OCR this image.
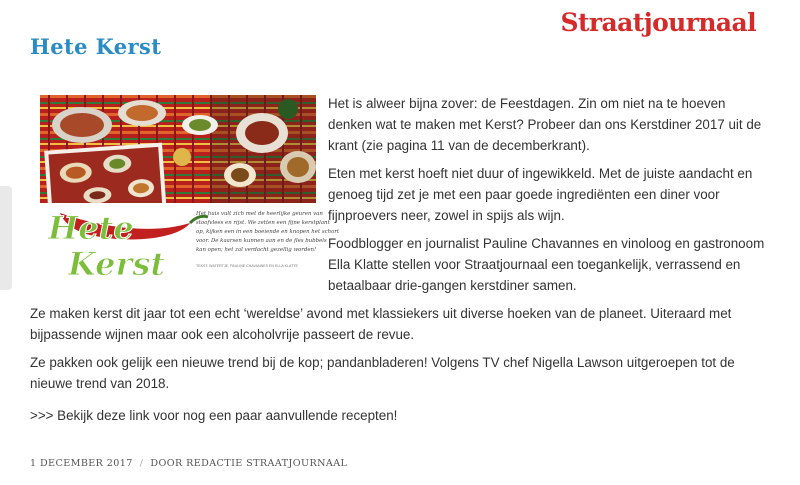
Straatjournaal
Hete Kerst
Hete
Kerst
Het huis vult zich met de heerlijke geuren van
stoofvlees en rijst. We zetten een fijne kerstplant
op, kijken een in een boeiende en knopen het schort
voor. De kaarsen kunnen aan en de fles bubbels
kan open; het zal verdacht gezellig worden!
TEKST: WATERTJE, PAULINE CHAVANNES EN ELLA KLATTE

Het is alweer bijna zover: de Feestdagen. Zin om niet na te hoeven denken wat te maken met Kerst? Probeer dan ons Kerstdiner 2017 uit de krant (zie pagina 11 van de decemberkrant).

Eten met kerst hoeft niet duur of ingewikkeld. Met de juiste aandacht en genoeg tijd zet je met een paar goede ingrediënten een diner voor fijnproevers neer, zowel in spijs als wijn.

Foodblogger en journalist Pauline Chavannes en vinoloog en gastronoom Ella Klatte stellen voor Straatjournaal een toegankelijk, verrassend en betaalbaar drie-gangen kerstdiner samen.

Ze maken kerst dit jaar tot een echt ‘wereldse’ avond met klassiekers uit diverse hoeken van de planeet. Uiteraard met bijpassende wijnen maar ook een alcoholvrije passeert de revue.

Ze pakken ook gelijk een nieuwe trend bij de kop; pandanbladeren! Volgens TV chef Nigella Lawson uitgeroepen tot de nieuwe trend van 2018.

>>> Bekijk deze link voor nog een paar aanvullende recepten!

1 DECEMBER 2017 / DOOR REDACTIE STRAATJOURNAAL
